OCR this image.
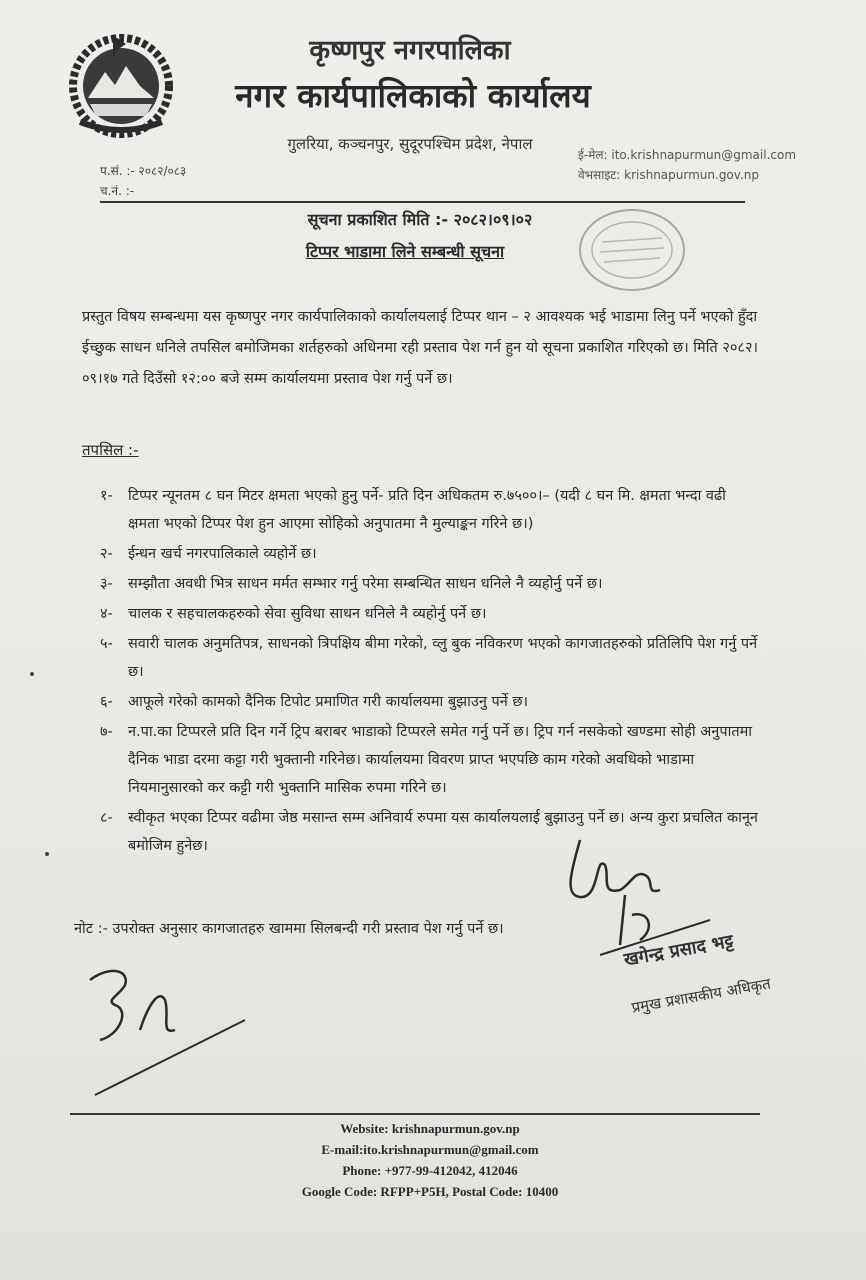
कृष्णपुर नगरपालिका
नगर कार्यपालिकाको कार्यालय
गुलरिया, कञ्चनपुर, सुदूरपश्चिम प्रदेश, नेपाल
प.सं. :- २०८२/०८३
च.नं. :-
ई-मेल: ito.krishnapurmun@gmail.com
वेभसाइट: krishnapurmun.gov.np
सूचना प्रकाशित मिति :- २०८२।०९।०२
टिप्पर भाडामा लिने सम्बन्धी सूचना
प्रस्तुत विषय सम्बन्धमा यस कृष्णपुर नगर कार्यपालिकाको कार्यालयलाई टिप्पर थान – २ आवश्यक भई भाडामा लिनु पर्ने भएको हुँदा ईच्छुक साधन धनिले तपसिल बमोजिमका शर्तहरुको अधिनमा रही प्रस्ताव पेश गर्न हुन यो सूचना प्रकाशित गरिएको छ। मिति २०८२।०९।१७ गते दिउँसो १२:०० बजे सम्म कार्यालयमा प्रस्ताव पेश गर्नु पर्ने छ।
तपसिल :-
१-	टिप्पर न्यूनतम ८ घन मिटर क्षमता भएको हुनु पर्ने- प्रति दिन अधिकतम रु.७५००।– (यदी ८ घन मि. क्षमता भन्दा वढी क्षमता भएको टिप्पर पेश हुन आएमा सोहिको अनुपातमा नै मुल्याङ्कन गरिने छ।)
२-	ईन्धन खर्च नगरपालिकाले व्यहोर्ने छ।
३-	सम्झौता अवधी भित्र साधन मर्मत सम्भार गर्नु परेमा सम्बन्धित साधन धनिले नै व्यहोर्नु पर्ने छ।
४-	चालक र सहचालकहरुको सेवा सुविधा साधन धनिले नै व्यहोर्नु पर्ने छ।
५-	सवारी चालक अनुमतिपत्र, साधनको त्रिपक्षिय बीमा गरेको, व्लु बुक नविकरण भएको कागजातहरुको प्रतिलिपि पेश गर्नु पर्ने छ।
६-	आफूले गरेको कामको दैनिक टिपोट प्रमाणित गरी कार्यालयमा बुझाउनु पर्ने छ।
७-	न.पा.का टिप्परले प्रति दिन गर्ने ट्रिप बराबर भाडाको टिप्परले समेत गर्नु पर्ने छ। ट्रिप गर्न नसकेको खण्डमा सोही अनुपातमा दैनिक भाडा दरमा कट्टा गरी भुक्तानी गरिनेछ। कार्यालयमा विवरण प्राप्त भएपछि काम गरेको अवधिको भाडामा नियमानुसारको कर कट्टी गरी भुक्तानि मासिक रुपमा गरिने छ।
८-	स्वीकृत भएका टिप्पर वढीमा जेष्ठ मसान्त सम्म अनिवार्य रुपमा यस कार्यालयलाई बुझाउनु पर्ने छ। अन्य कुरा प्रचलित कानून बमोजिम हुनेछ।
नोट :- उपरोक्त अनुसार कागजातहरु खाममा सिलबन्दी गरी प्रस्ताव पेश गर्नु पर्ने छ।
खगेन्द्र प्रसाद भट्ट
प्रमुख प्रशासकीय अधिकृत
Website: krishnapurmun.gov.np
E-mail:ito.krishnapurmun@gmail.com
Phone: +977-99-412042, 412046
Google Code: RFPP+P5H, Postal Code: 10400
